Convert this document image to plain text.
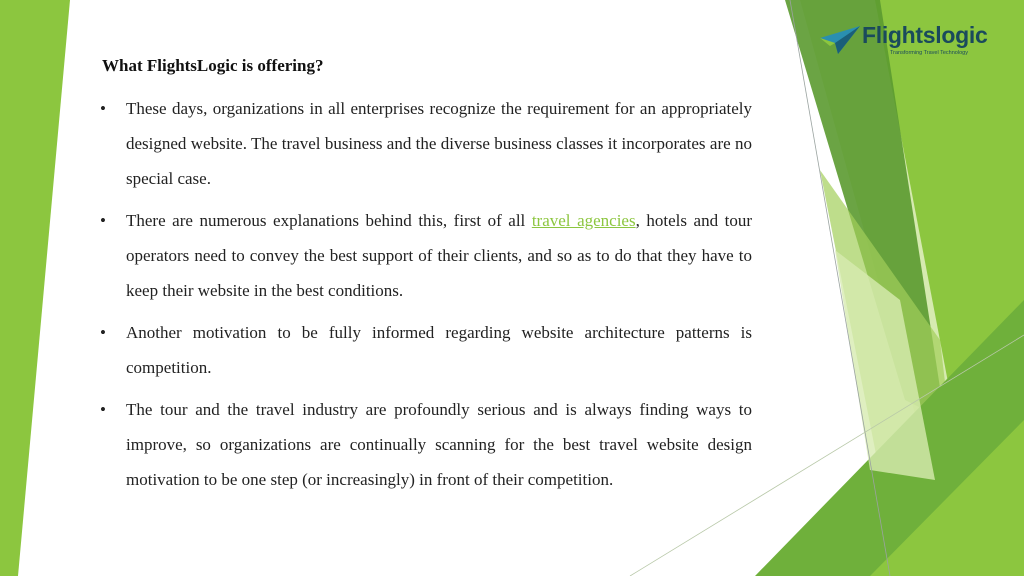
Flightslogic
Transforming Travel Technology
What FlightsLogic is offering?
• These days, organizations in all enterprises recognize the requirement for an appropriately designed website. The travel business and the diverse business classes it incorporates are no special case.
• There are numerous explanations behind this, first of all travel agencies, hotels and tour operators need to convey the best support of their clients, and so as to do that they have to keep their website in the best conditions.
• Another motivation to be fully informed regarding website architecture patterns is competition.
• The tour and the travel industry are profoundly serious and is always finding ways to improve, so organizations are continually scanning for the best travel website design motivation to be one step (or increasingly) in front of their competition.
